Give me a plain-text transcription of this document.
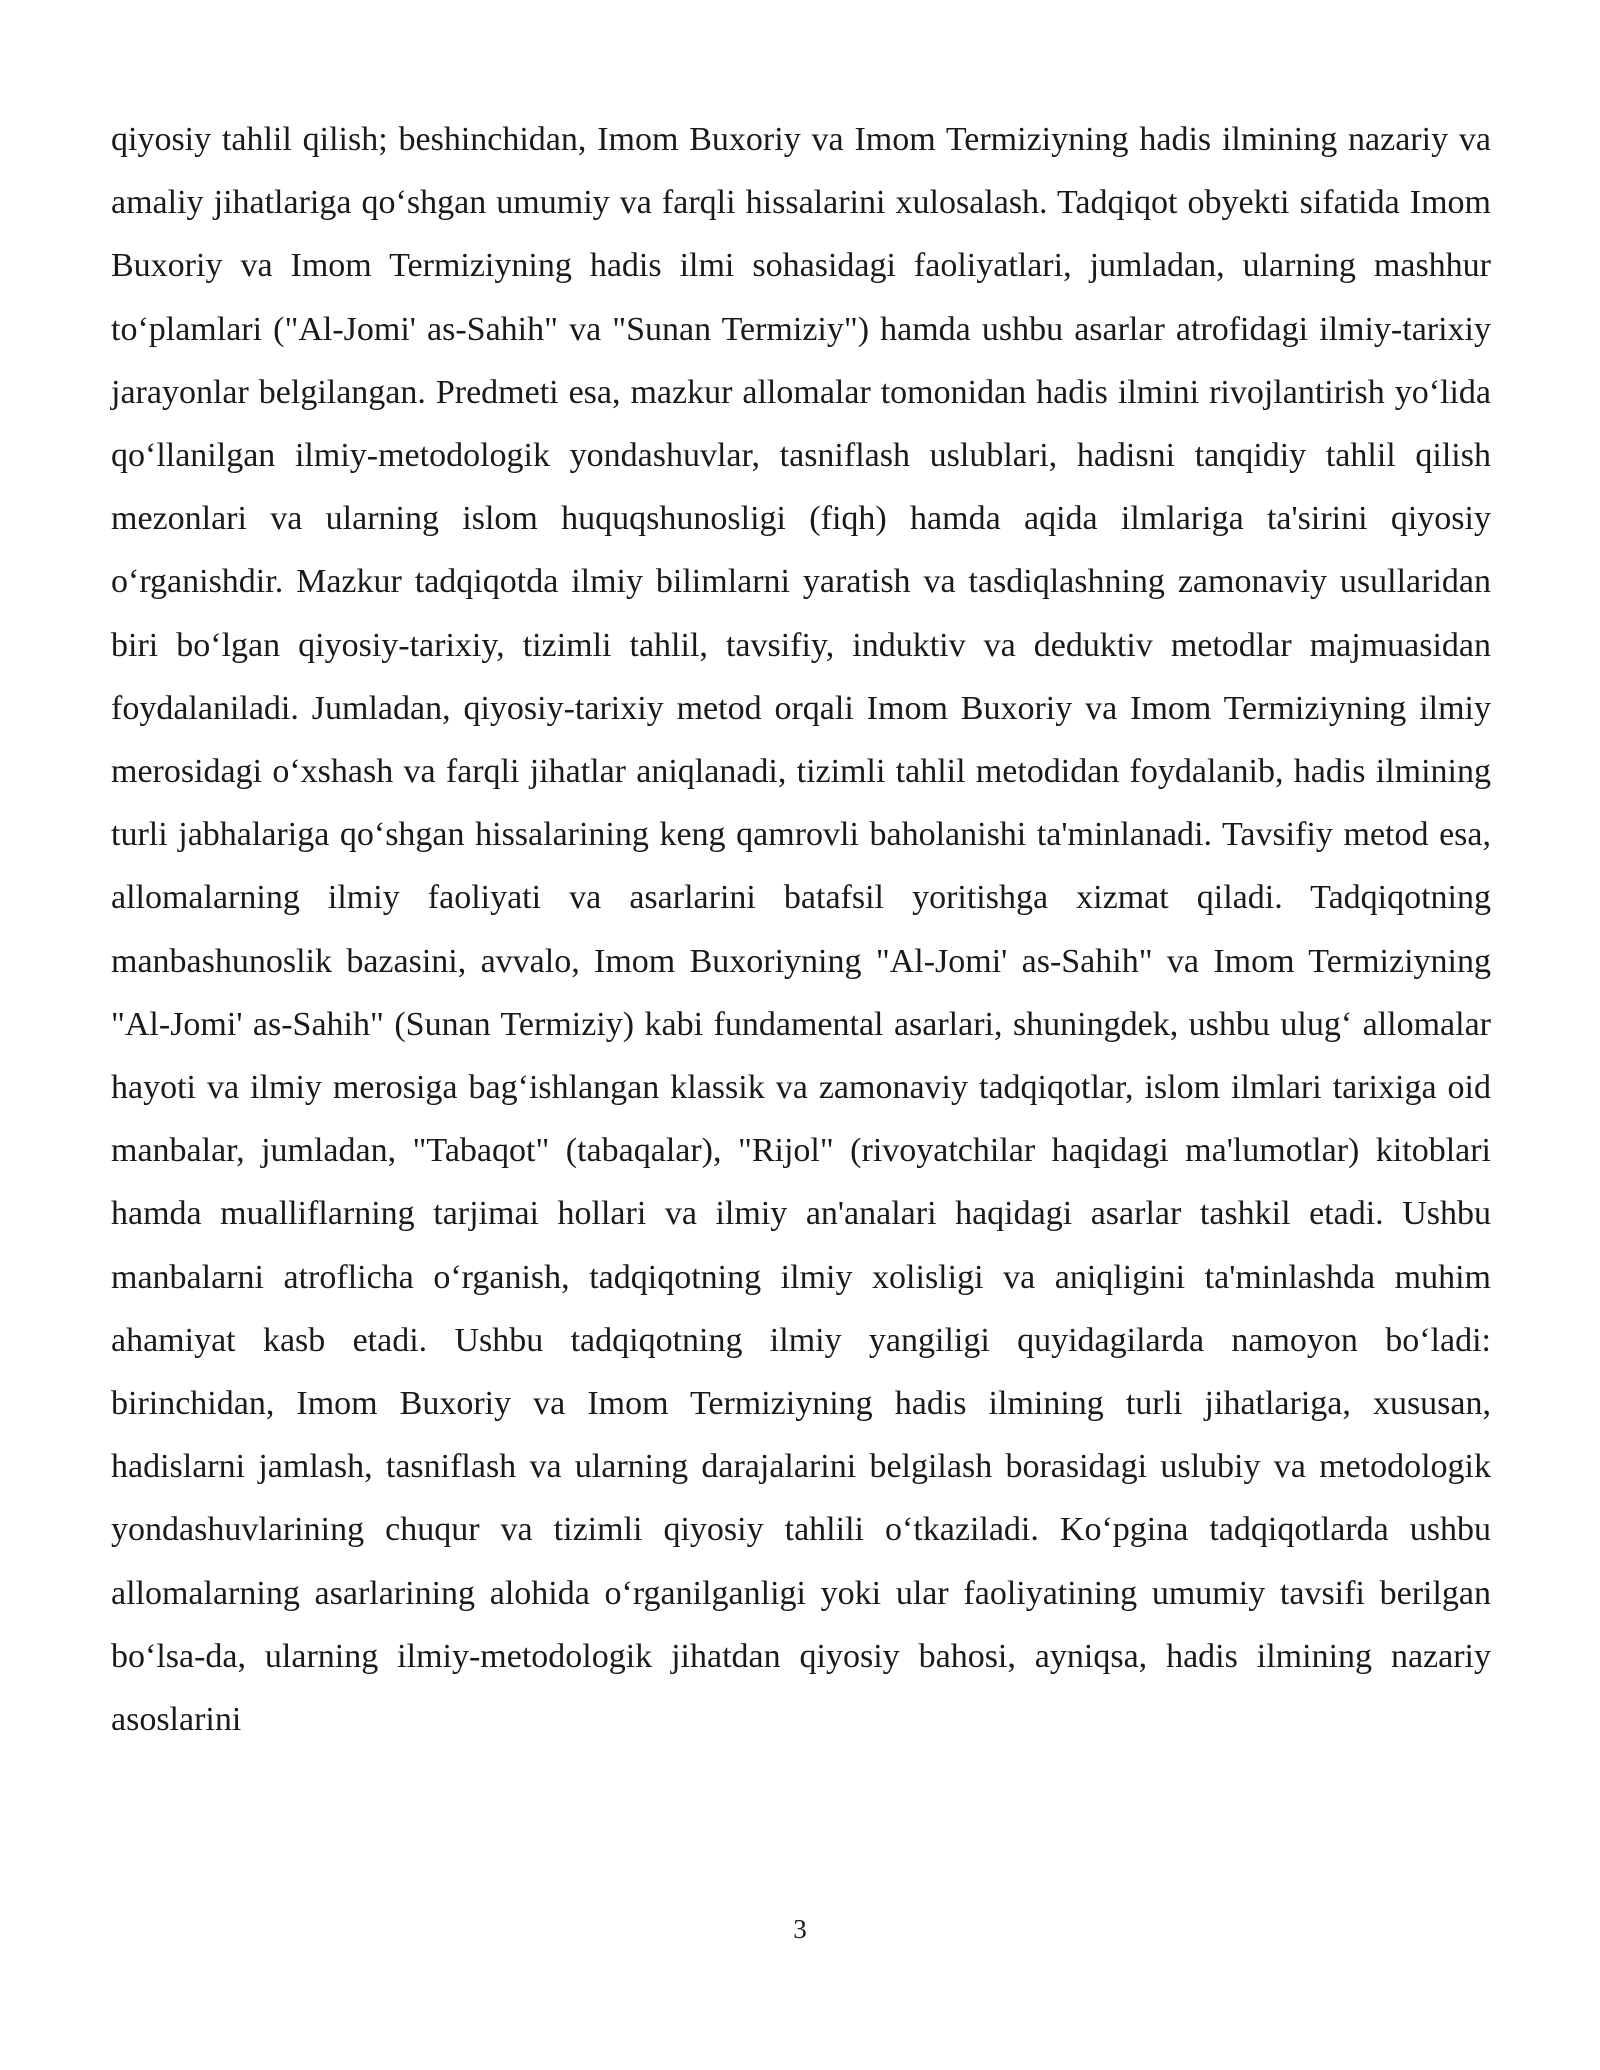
qiyosiy tahlil qilish; beshinchidan, Imom Buxoriy va Imom Termiziyning hadis ilmining nazariy va amaliy jihatlariga qo‘shgan umumiy va farqli hissalarini xulosalash. Tadqiqot obyekti sifatida Imom Buxoriy va Imom Termiziyning hadis ilmi sohasidagi faoliyatlari, jumladan, ularning mashhur to‘plamlari ("Al-Jomi' as-Sahih" va "Sunan Termiziy") hamda ushbu asarlar atrofidagi ilmiy-tarixiy jarayonlar belgilangan. Predmeti esa, mazkur allomalar tomonidan hadis ilmini rivojlantirish yo‘lida qo‘llanilgan ilmiy-metodologik yondashuvlar, tasniflash uslublari, hadisni tanqidiy tahlil qilish mezonlari va ularning islom huquqshunosligi (fiqh) hamda aqida ilmlariga ta'sirini qiyosiy o‘rganishdir. Mazkur tadqiqotda ilmiy bilimlarni yaratish va tasdiqlashning zamonaviy usullaridan biri bo‘lgan qiyosiy-tarixiy, tizimli tahlil, tavsifiy, induktiv va deduktiv metodlar majmuasidan foydalaniladi. Jumladan, qiyosiy-tarixiy metod orqali Imom Buxoriy va Imom Termiziyning ilmiy merosidagi o‘xshash va farqli jihatlar aniqlanadi, tizimli tahlil metodidan foydalanib, hadis ilmining turli jabhalariga qo‘shgan hissalarining keng qamrovli baholanishi ta'minlanadi. Tavsifiy metod esa, allomalarning ilmiy faoliyati va asarlarini batafsil yoritishga xizmat qiladi. Tadqiqotning manbashunoslik bazasini, avvalo, Imom Buxoriyning "Al-Jomi' as-Sahih" va Imom Termiziyning "Al-Jomi' as-Sahih" (Sunan Termiziy) kabi fundamental asarlari, shuningdek, ushbu ulug‘ allomalar hayoti va ilmiy merosiga bag‘ishlangan klassik va zamonaviy tadqiqotlar, islom ilmlari tarixiga oid manbalar, jumladan, "Tabaqot" (tabaqalar), "Rijol" (rivoyatchilar haqidagi ma'lumotlar) kitoblari hamda mualliflarning tarjimai hollari va ilmiy an'analari haqidagi asarlar tashkil etadi. Ushbu manbalarni atroflicha o‘rganish, tadqiqotning ilmiy xolisligi va aniqligini ta'minlashda muhim ahamiyat kasb etadi. Ushbu tadqiqotning ilmiy yangiligi quyidagilarda namoyon bo‘ladi: birinchidan, Imom Buxoriy va Imom Termiziyning hadis ilmining turli jihatlariga, xususan, hadislarni jamlash, tasniflash va ularning darajalarini belgilash borasidagi uslubiy va metodologik yondashuvlarining chuqur va tizimli qiyosiy tahlili o‘tkaziladi. Ko‘pgina tadqiqotlarda ushbu allomalarning asarlarining alohida o‘rganilganligi yoki ular faoliyatining umumiy tavsifi berilgan bo‘lsa-da, ularning ilmiy-metodologik jihatdan qiyosiy bahosi, ayniqsa, hadis ilmining nazariy asoslarini

3
